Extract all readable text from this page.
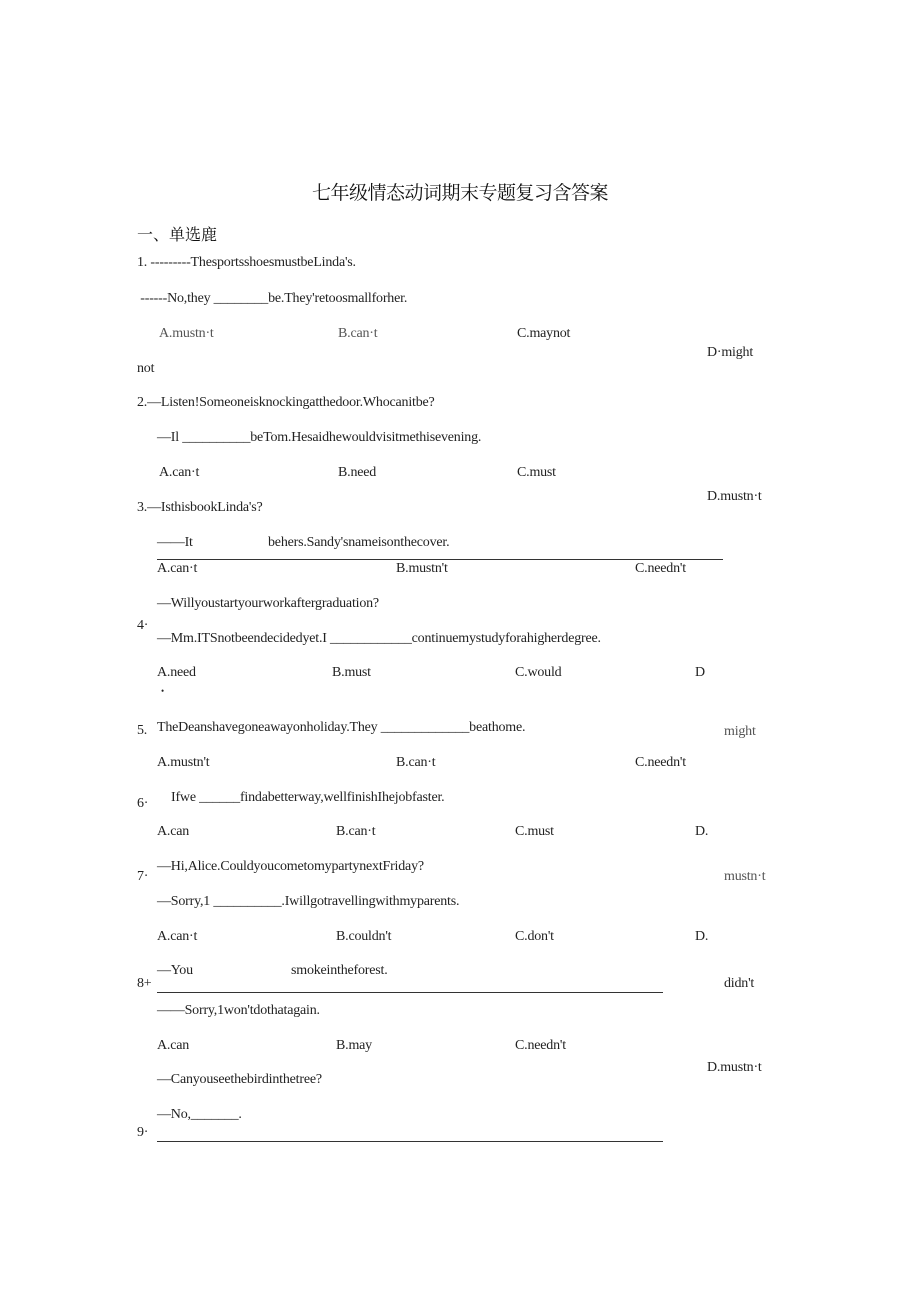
七年级情态动词期末专题复习含答案
一、单选鹿
1. ---------ThesportsshoesmustbeLinda's.
------No,they ________be.They'retoosmallforher.
A.mustn·t	B.can·t	C.maynot
D·might
not
2.—Listen!Someoneisknockingatthedoor.Whocanitbe?
—Il __________beTom.Hesaidhewouldvisitmethisevening.
A.can·t	B.need	C.must
D.mustn·t
3.—IsthisbookLinda's?
——It	behers.Sandy'snameisonthecover.
A.can·t	B.mustn't	C.needn't
—Willyoustartyourworkaftergraduation?
4·
—Mm.ITSnotbeendecidedyet.I ____________continuemystudyforahigherdegree.
A.need	B.must	C.would	D
•
5. TheDeanshavegoneawayonholiday.They _____________beathome.	might
A.mustn't	B.can·t	C.needn't
6· Ifwe ______findabetterway,wellfinishIhejobfaster.
A.can	B.can·t	C.must	D.
7·
—Hi,Alice.CouldyoucometomypartynextFriday?
mustn·t
—Sorry,1 __________.Iwillgotravellingwithmyparents.
A.can·t	B.couldn't	C.don't	D.
—You	smokeintheforest.
8+	didn't
——Sorry,1won'tdothatagain.
A.can	B.may	C.needn't
D.mustn·t
—Canyouseethebirdinthetree?
—No,_______.
9·
